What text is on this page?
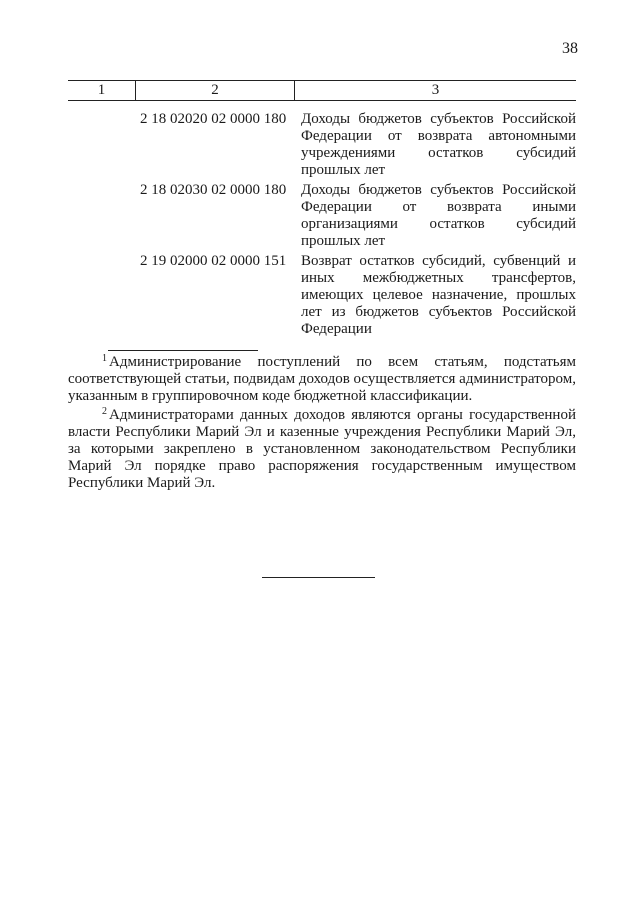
38
1	2	3
2 18 02020 02 0000 180 Доходы бюджетов субъектов Российской Федерации от возврата автономными учреждениями остатков субсидий прошлых лет
2 18 02030 02 0000 180 Доходы бюджетов субъектов Российской Федерации от возврата иными организациями остатков субсидий прошлых лет
2 19 02000 02 0000 151 Возврат остатков субсидий, субвенций и иных межбюджетных трансфертов, имеющих целевое назначение, прошлых лет из бюджетов субъектов Российской Федерации

$^1$ Администрирование поступлений по всем статьям, подстатьям соответствующей статьи, подвидам доходов осуществляется администратором, указанным в группировочном коде бюджетной классификации.

$^2$ Администраторами данных доходов являются органы государственной власти Республики Марий Эл и казенные учреждения Республики Марий Эл, за которыми закреплено в установленном законодательством Республики Марий Эл порядке право распоряжения государственным имуществом Республики Марий Эл.
